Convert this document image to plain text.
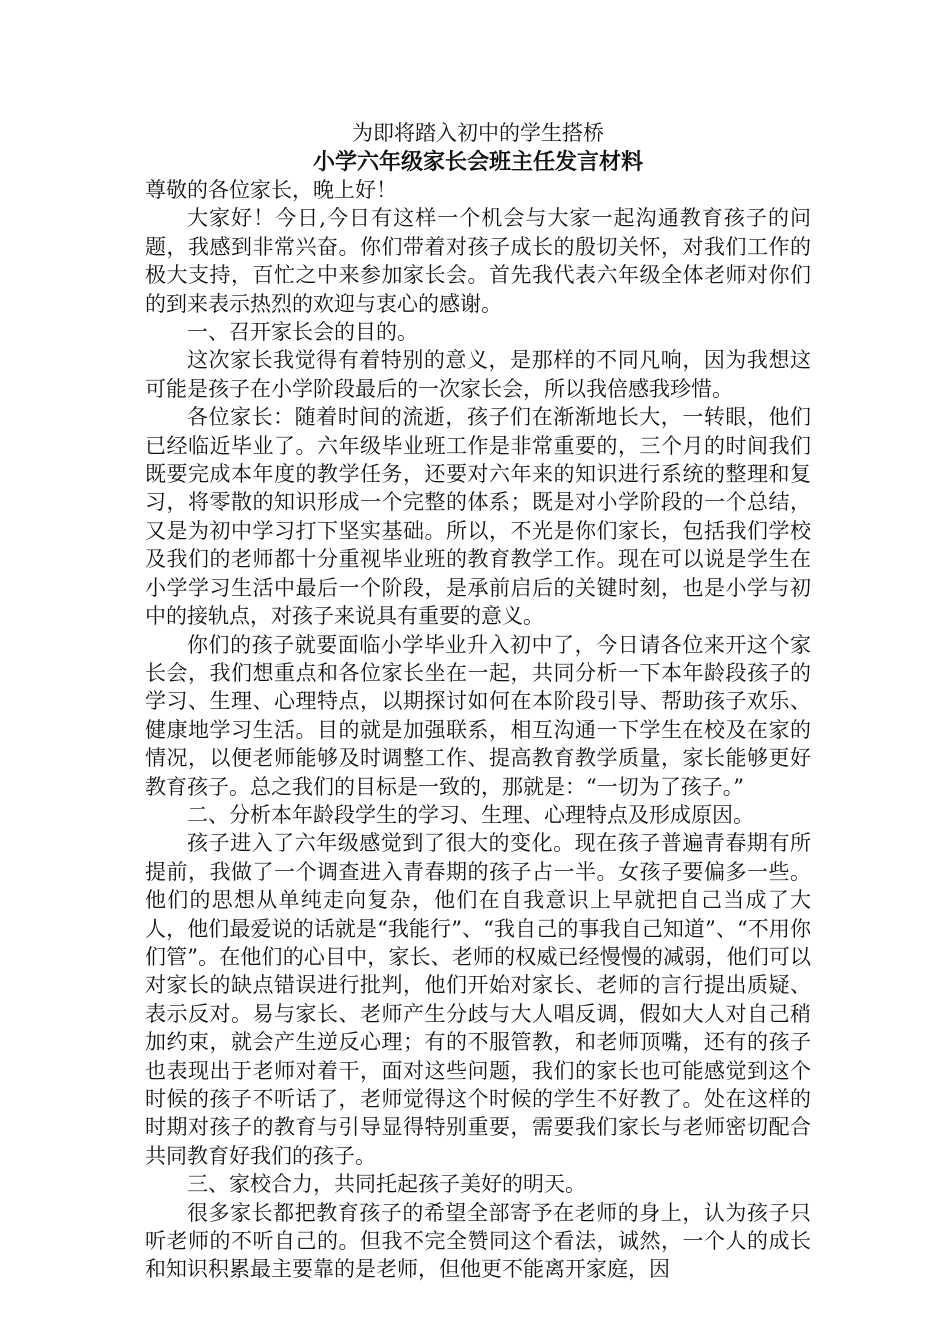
为即将踏入初中的学生搭桥

小学六年级家长会班主任发言材料

尊敬的各位家长，晚上好！

大家好！今日,今日有这样一个机会与大家一起沟通教育孩子的问题，我感到非常兴奋。你们带着对孩子成长的殷切关怀，对我们工作的极大支持，百忙之中来参加家长会。首先我代表六年级全体老师对你们的到来表示热烈的欢迎与衷心的感谢。

一、召开家长会的目的。

这次家长我觉得有着特别的意义，是那样的不同凡响，因为我想这可能是孩子在小学阶段最后的一次家长会，所以我倍感我珍惜。

各位家长：随着时间的流逝，孩子们在渐渐地长大，一转眼，他们已经临近毕业了。六年级毕业班工作是非常重要的，三个月的时间我们既要完成本年度的教学任务，还要对六年来的知识进行系统的整理和复习，将零散的知识形成一个完整的体系；既是对小学阶段的一个总结，又是为初中学习打下坚实基础。所以，不光是你们家长，包括我们学校及我们的老师都十分重视毕业班的教育教学工作。现在可以说是学生在小学学习生活中最后一个阶段，是承前启后的关键时刻，也是小学与初中的接轨点，对孩子来说具有重要的意义。

你们的孩子就要面临小学毕业升入初中了，今日请各位来开这个家长会，我们想重点和各位家长坐在一起，共同分析一下本年龄段孩子的学习、生理、心理特点，以期探讨如何在本阶段引导、帮助孩子欢乐、健康地学习生活。目的就是加强联系，相互沟通一下学生在校及在家的情况，以便老师能够及时调整工作、提高教育教学质量，家长能够更好教育孩子。总之我们的目标是一致的，那就是：“一切为了孩子。”

二、分析本年龄段学生的学习、生理、心理特点及形成原因。

孩子进入了六年级感觉到了很大的变化。现在孩子普遍青春期有所提前，我做了一个调查进入青春期的孩子占一半。女孩子要偏多一些。他们的思想从单纯走向复杂，他们在自我意识上早就把自己当成了大人，他们最爱说的话就是“我能行”、“我自己的事我自己知道”、“不用你们管”。在他们的心目中，家长、老师的权威已经慢慢的减弱，他们可以对家长的缺点错误进行批判，他们开始对家长、老师的言行提出质疑、表示反对。易与家长、老师产生分歧与大人唱反调，假如大人对自己稍加约束，就会产生逆反心理；有的不服管教，和老师顶嘴，还有的孩子也表现出于老师对着干，面对这些问题，我们的家长也可能感觉到这个时候的孩子不听话了，老师觉得这个时候的学生不好教了。处在这样的时期对孩子的教育与引导显得特别重要，需要我们家长与老师密切配合共同教育好我们的孩子。

三、家校合力，共同托起孩子美好的明天。

很多家长都把教育孩子的希望全部寄予在老师的身上，认为孩子只听老师的不听自己的。但我不完全赞同这个看法，诚然，一个人的成长和知识积累最主要靠的是老师，但他更不能离开家庭，因
